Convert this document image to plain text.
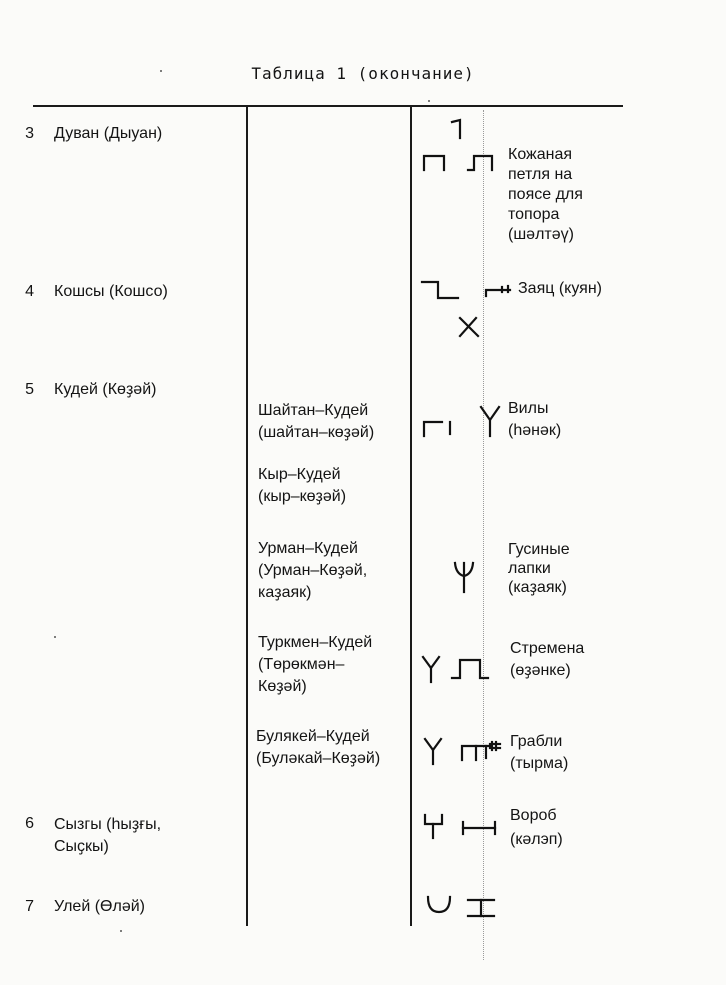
Таблица 1 (окончание)
3 Дуван (Дыуан)
Кожаная
петля на
поясе для
топора
(шәлтәү)
4 Кошсы (Кошсо)	Заяц (куян)
5 Кудей (Көҙәй)
Шайтан–Кудей
(шайтан–көҙәй)
Вилы
(һәнәк)
Кыр–Кудей
(кыр–көҙәй)
Урман–Кудей
(Урман–Көҙәй,
каҙаяк)
Гусиные
лапки
(каҙаяк)
Туркмен–Кудей
(Төрөкмән–
Көҙәй)
Стремена
(өҙәнке)
Булякей–Кудей
(Буләкай–Көҙәй)
Грабли
(тырма)
6 Сызгы (һыҙғы,
Сыҫкы)
Вороб
(кәлэп)
7 Улей (Өләй)
